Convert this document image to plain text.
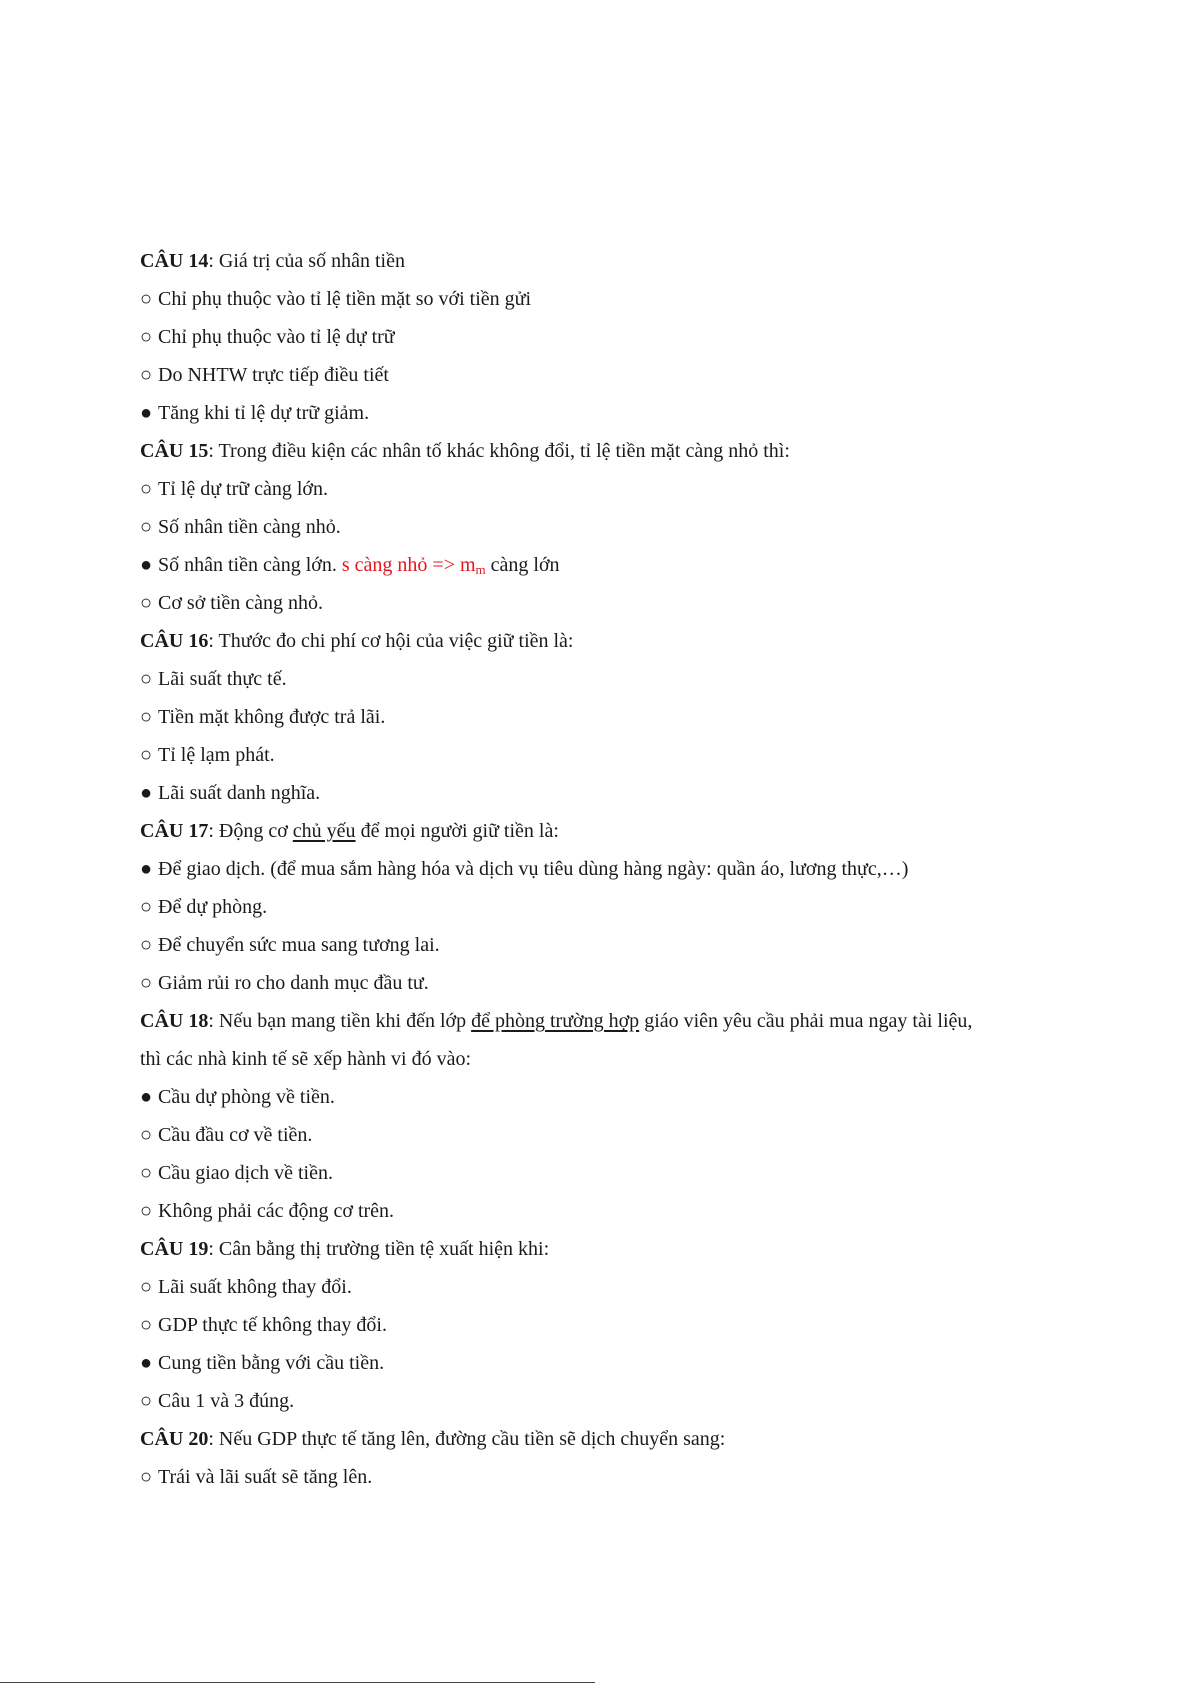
CÂU 14: Giá trị của số nhân tiền
○ Chỉ phụ thuộc vào tỉ lệ tiền mặt so với tiền gửi
○ Chỉ phụ thuộc vào tỉ lệ dự trữ
○ Do NHTW trực tiếp điều tiết
● Tăng khi tỉ lệ dự trữ giảm.
CÂU 15: Trong điều kiện các nhân tố khác không đổi, tỉ lệ tiền mặt càng nhỏ thì:
○ Tỉ lệ dự trữ càng lớn.
○ Số nhân tiền càng nhỏ.
● Số nhân tiền càng lớn. s càng nhỏ => $m_m$ càng lớn
○ Cơ sở tiền càng nhỏ.
CÂU 16: Thước đo chi phí cơ hội của việc giữ tiền là:
○ Lãi suất thực tế.
○ Tiền mặt không được trả lãi.
○ Tỉ lệ lạm phát.
● Lãi suất danh nghĩa.
CÂU 17: Động cơ chủ yếu để mọi người giữ tiền là:
● Để giao dịch. (để mua sắm hàng hóa và dịch vụ tiêu dùng hàng ngày: quần áo, lương thực,…)
○ Để dự phòng.
○ Để chuyển sức mua sang tương lai.
○ Giảm rủi ro cho danh mục đầu tư.
CÂU 18: Nếu bạn mang tiền khi đến lớp để phòng trường hợp giáo viên yêu cầu phải mua ngay tài liệu,
thì các nhà kinh tế sẽ xếp hành vi đó vào:
● Cầu dự phòng về tiền.
○ Cầu đầu cơ về tiền.
○ Cầu giao dịch về tiền.
○ Không phải các động cơ trên.
CÂU 19: Cân bằng thị trường tiền tệ xuất hiện khi:
○ Lãi suất không thay đổi.
○ GDP thực tế không thay đổi.
● Cung tiền bằng với cầu tiền.
○ Câu 1 và 3 đúng.
CÂU 20: Nếu GDP thực tế tăng lên, đường cầu tiền sẽ dịch chuyển sang:
○ Trái và lãi suất sẽ tăng lên.
